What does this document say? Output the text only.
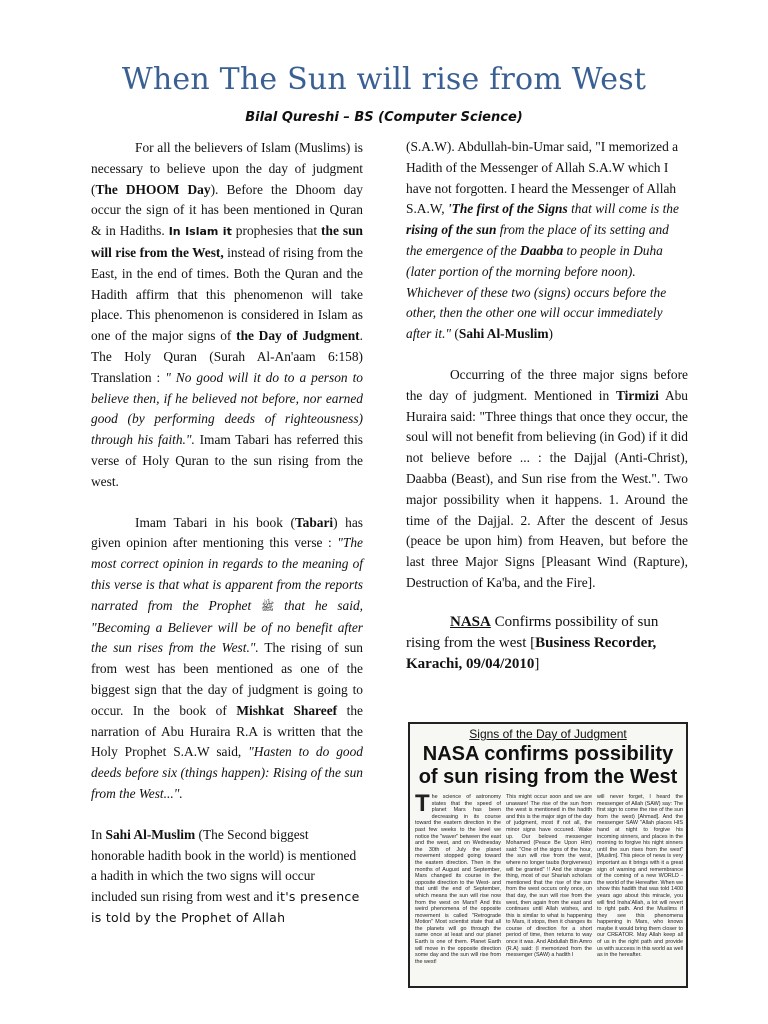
When The Sun will rise from West
Bilal Qureshi – BS (Computer Science)

For all the believers of Islam (Muslims) is necessary to believe upon the day of judgment (The DHOOM Day). Before the Dhoom day occur the sign of it has been mentioned in Quran & in Hadiths. In Islam it prophesies that the sun will rise from the West, instead of rising from the East, in the end of times. Both the Quran and the Hadith affirm that this phenomenon will take place. This phenomenon is considered in Islam as one of the major signs of the Day of Judgment. The Holy Quran (Surah Al-An'aam 6:158) Translation : " No good will it do to a person to believe then, if he believed not before, nor earned good (by performing deeds of righteousness) through his faith.". Imam Tabari has referred this verse of Holy Quran to the sun rising from the west.

Imam Tabari in his book (Tabari) has given opinion after mentioning this verse : "The most correct opinion in regards to the meaning of this verse is that what is apparent from the reports narrated from the Prophet ﷺ that he said, "Becoming a Believer will be of no benefit after the sun rises from the West.". The rising of sun from west has been mentioned as one of the biggest sign that the day of judgment is going to occur. In the book of Mishkat Shareef the narration of Abu Huraira R.A is written that the Holy Prophet S.A.W said, "Hasten to do good deeds before six (things happen): Rising of the sun from the West...".

In Sahi Al-Muslim (The Second biggest honorable hadith book in the world) is mentioned a hadith in which the two signs will occur included sun rising from west and it's presence is told by the Prophet of Allah

(S.A.W). Abdullah-bin-Umar said, "I memorized a Hadith of the Messenger of Allah S.A.W which I have not forgotten. I heard the Messenger of Allah S.A.W, 'The first of the Signs that will come is the rising of the sun from the place of its setting and the emergence of the Daabba to people in Duha (later portion of the morning before noon). Whichever of these two (signs) occurs before the other, then the other one will occur immediately after it." (Sahi Al-Muslim)

Occurring of the three major signs before the day of judgment. Mentioned in Tirmizi Abu Huraira said: "Three things that once they occur, the soul will not benefit from believing (in God) if it did not believe before ... : the Dajjal (Anti-Christ), Daabba (Beast), and Sun rise from the West.". Two major possibility when it happens. 1. Around the time of the Dajjal. 2. After the descent of Jesus (peace be upon him) from Heaven, but before the last three Major Signs [Pleasant Wind (Rapture), Destruction of Ka'ba, and the Fire].

NASA Confirms possibility of sun rising from the west [Business Recorder, Karachi, 09/04/2010]

Signs of the Day of Judgment
NASA confirms possibility
of sun rising from the West
The science of astronomy states that the speed of planet Mars has been decreasing in its course toward the eastern direction in the past few weeks to the level we notice the "waver" between the east and the west, and on Wednesday the 30th of July the planet movement stopped going toward the eastern direction. Then in the months of August and September, Mars changed its course in the opposite direction to the West- and that until the end of September, which means the sun will rise now from the west on Mars!! And this weird phenomena of the opposite movement is called "Retrograde Motion" Most scientist state that all the planets will go through the same once at least and our planet Earth is one of them. Planet Earth will move in the opposite direction some day and the sun will rise from the west!
This might occur soon and we are unaware! The rise of the sun from the west is mentioned in the hadith and this is the major sign of the day of judgment, most if not all, the minor signs have occured. Wake up. Our beloved messenger Mohamed (Peace Be Upon Him) said: "One of the signs of the hour, the sun will rise from the west, where no longer taubs (forgiveness) will be granted" !! And the strange thing, most of our Shariah scholars mentioned that the rise of the sun from the west occurs only once, on that day, the sun will rise from the west, then again from the east and continues until Allah wishes, and this is similar to what is happening to Mars, it stops, then it changes its course of direction for a short period of time, then returns to way once it was. And Abdullah Bin Amro (R.A) said: (I memorized from the messenger (SAW) a hadith I
will never forget, I heard the messenger of Allah (SAW) say: The first sign to come the rise of the sun from the west) [Ahmad]. And the messenger SAW "Allah places HIS hand at night to forgive his incoming sinners, and places in the morning to forgive his night sinners until the sun rises from the west" [Muslim]. This piece of news is very important as it brings with it a great sign of warning and remembrance of the coming of a new WORLD - the world of the Hereafter. When we show this hadith that was told 1400 years ago about this miracle, you will find Insha'Allah, a lot will revert to right path. And the Muslims if they see this phenomena happening in Mars, who knows maybe it would bring them closer to our CREATOR. May Allah keep all of us in the right path and provide us with success in this world as well as in the hereafter.
